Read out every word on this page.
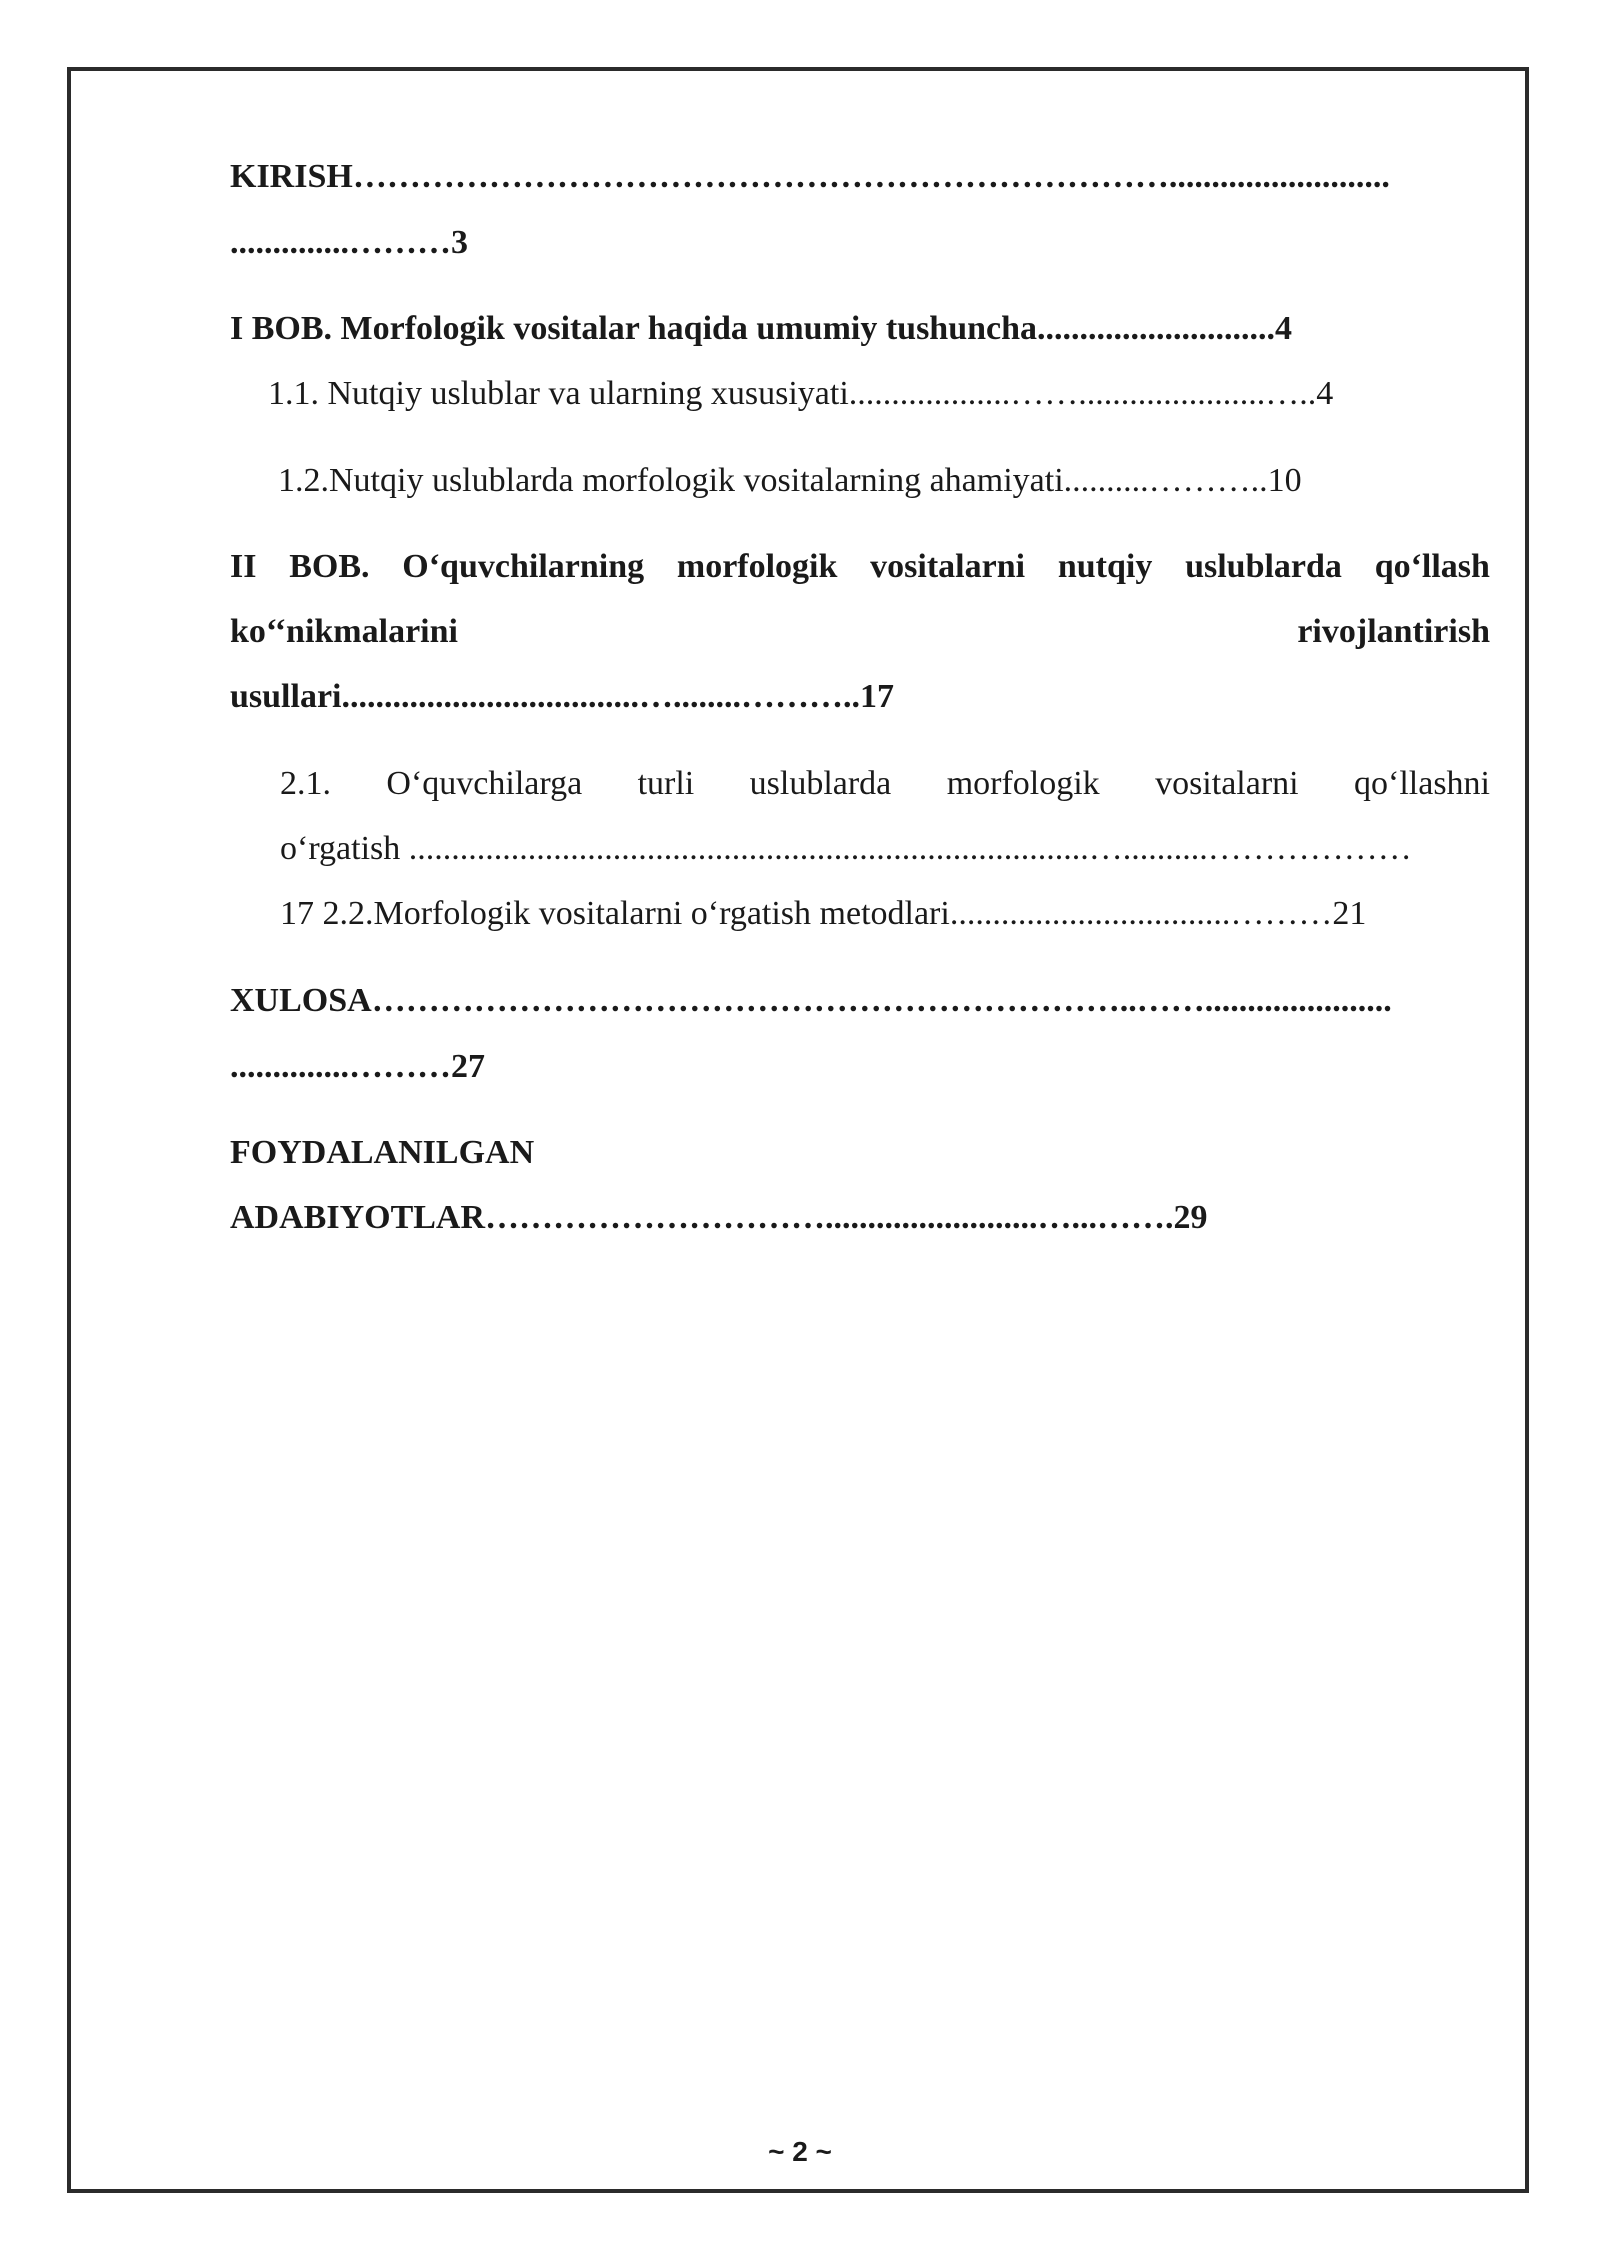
KIRISH………………………………………………………………..........................
..............………3
I BOB. Morfologik vositalar haqida umumiy tushuncha............................4
1.1. Nutqiy uslublar va ularning xususiyati...................……......................…..4
1.2.Nutqiy uslublarda morfologik vositalarning ahamiyati..........………..10
II BOB. O‘quvchilarning morfologik vositalarni nutqiy uslublarda qo‘llash
ko‘‘nikmalarini	rivojlantirish
usullari...................................…........………..17
2.1. O‘quvchilarga turli uslublarda morfologik vositalarni qo‘llashni
o‘rgatish ................................................................................…..........………………
17 2.2.Morfologik vositalarni o‘rgatish metodlari.................................………21
XULOSA…………………………………………………………..……......................
..............………27
FOYDALANILGAN
ADABIYOTLAR………………………….........................…...…….29
~ 2 ~
